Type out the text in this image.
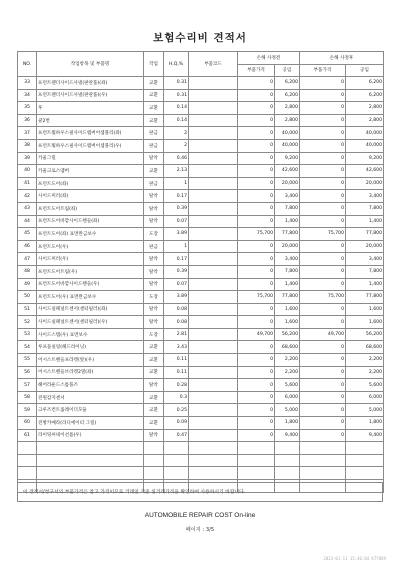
보험수리비 견적서
NO.	작업항목 및 부품명	작업	H,Q,%	부품코드	손해 사정전		손해 사정후	
					부품가격	공임	부품가격	공임
33	프런트펜더사이드사넬(판관품)(좌)	교환	0.31		0	6,200	0	6,200
34	프런트펜더사이드사넬(판관품)(우)	교환	0.31		0	6,200	0	6,200
35	후	교환	0.14		0	2,800	0	2,800
36	쿨2번	교환	0.14		0	2,800	0	2,800
37	프런트휠하우스필사이드멤버어셈블리(좌)	판금	2		0	40,000	0	40,000
38	프런트휠하우스필사이드멤버어셈블리(우)	판금	2		0	40,000	0	40,000
39	카울그릴	탈착	0.46		0	9,200	0	9,200
40	카울크로스멤버	교환	2.13		0	42,600	0	42,600
41	프런트도어(좌)	판금	1		0	20,000	0	20,000
42	사이드미러(좌)	탈착	0.17		0	3,400	0	3,400
43	프런트도어트림(좌)	탈착	0.39		0	7,800	0	7,800
44	프런트도어바깥사이드핸들(좌)	탈착	0.07		0	1,400	0	1,400
45	프런트도어(좌) 표면완금보수	도장	3.89		75,700	77,800	75,700	77,800
46	프런트도어(우)	판금	1		0	20,000	0	20,000
47	사이드미러(우)	탈착	0.17		0	3,400	0	3,400
48	프런트도어트림(우)	탈착	0.39		0	7,800	0	7,800
49	프런트도어바깥사이드핸들(우)	탈착	0.07		0	1,400	0	1,400
50	프런트도어(우) 표면완금보수	도장	3.89		75,700	77,800	75,700	77,800
51	사이드실패널트센서(센터필러)(좌)	탈착	0.08		0	1,600	0	1,600
52	사이드실패널트센서(센터필러)(우)	탈착	0.08		0	1,600	0	1,600
53	사이드스텝(우) 표면보수	도장	2.81		49,700	56,200	49,700	56,200
54	루프돌실링(헤드라이닝)	교환	3.43		0	68,600	0	68,600
55	어시스트핸들프라켓(앞)(우)	교환	0.11		0	2,200	0	2,200
56	어시스트핸들브라켓2열(좌)	교환	0.11		0	2,200	0	2,200
57	헤어라운드스톱플즈	탈착	0.28		0	5,600	0	5,600
58	전원감지센서	교환	0.3		0	6,000	0	6,000
59	크루즈컨트롤레이더모듈	교환	0.25		0	5,000	0	5,000
60	전방카메라(라디에이터 그릴)	교환	0.09		0	1,800	0	1,800
61	라이팅씨네이션틀(우)	탈착	0.47		0	9,400	0	9,400

이 견적서/청구서의 부품가격은 참고 가격이므로 거래일 기준 실거래가격을 확인하여 사용하시기 바랍니다.
AUTOMOBILE REPAIR COST On-line
페이지 : 3/5
2023-01-11 15:46:04 KTY889
